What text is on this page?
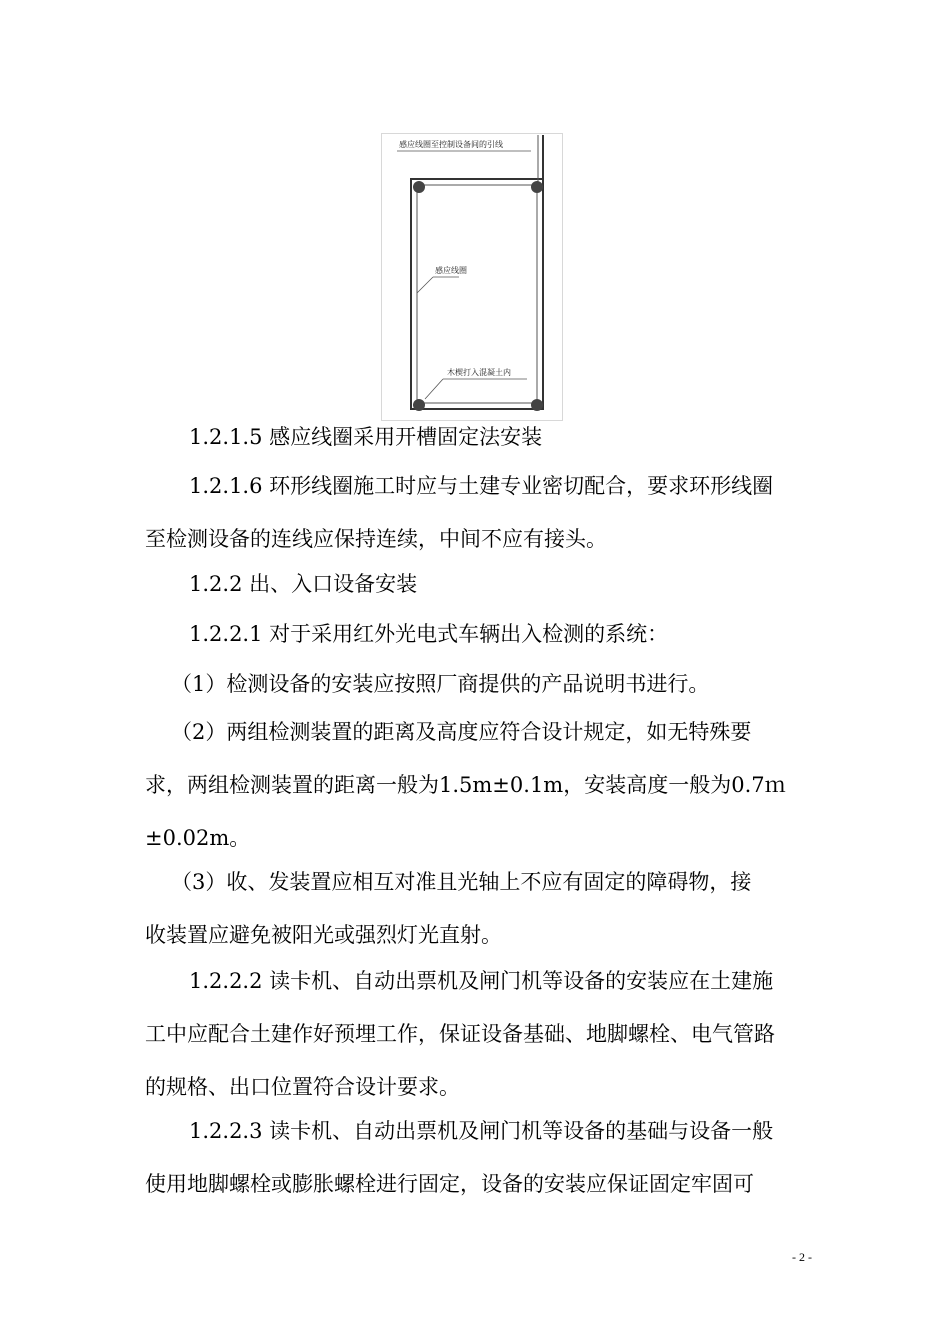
感应线圈至控制设备间的引线
感应线圈
木楔打入混凝土内
1.2.1.5 感应线圈采用开槽固定法安装
1.2.1.6 环形线圈施工时应与土建专业密切配合，要求环形线圈
至检测设备的连线应保持连续，中间不应有接头。
1.2.2 出、入口设备安装
1.2.2.1 对于采用红外光电式车辆出入检测的系统：
（1）检测设备的安装应按照厂商提供的产品说明书进行。
（2）两组检测装置的距离及高度应符合设计规定，如无特殊要
求，两组检测装置的距离一般为1.5m±0.1m，安装高度一般为0.7ｍ
±0.02m。
（3）收、发装置应相互对准且光轴上不应有固定的障碍物，接
收装置应避免被阳光或强烈灯光直射。
1.2.2.2 读卡机、自动出票机及闸门机等设备的安装应在土建施
工中应配合土建作好预埋工作，保证设备基础、地脚螺栓、电气管路
的规格、出口位置符合设计要求。
1.2.2.3 读卡机、自动出票机及闸门机等设备的基础与设备一般
使用地脚螺栓或膨胀螺栓进行固定，设备的安装应保证固定牢固可
- 2 -
